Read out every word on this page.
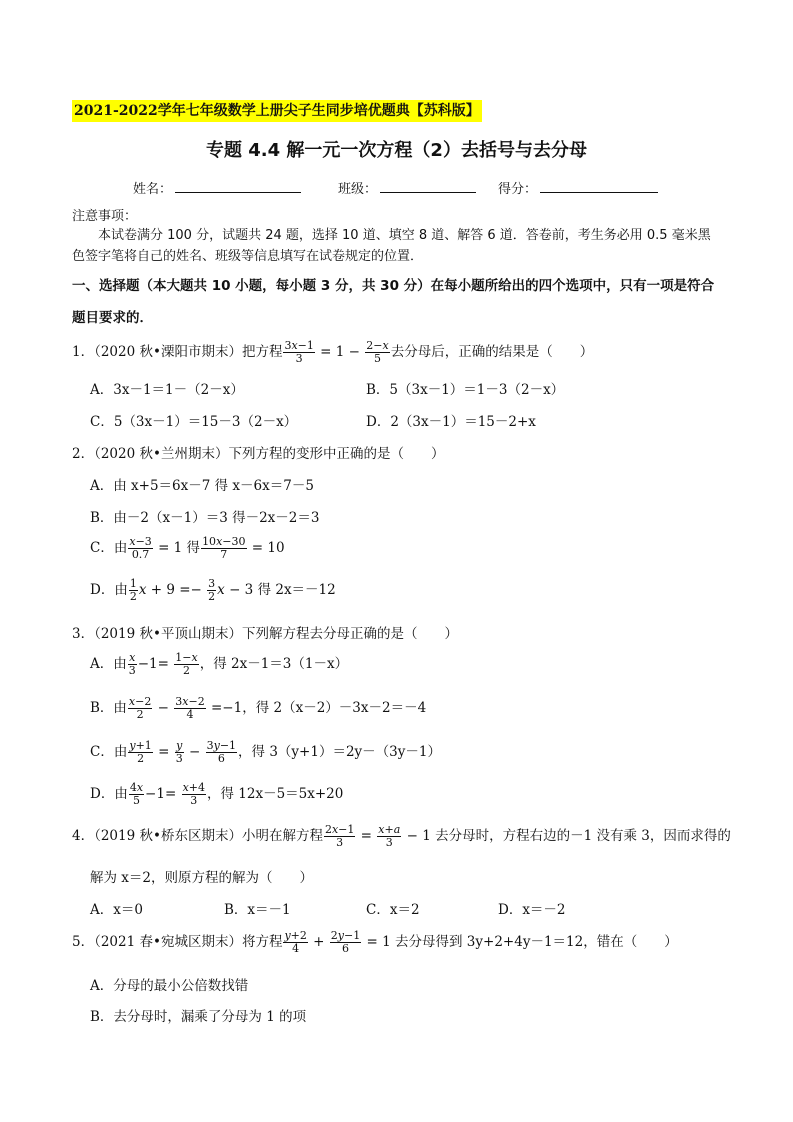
2021-2022学年七年级数学上册尖子生同步培优题典【苏科版】
专题 4.4 解一元一次方程（2）去括号与去分母
姓名：	班级：	得分：
注意事项：
本试卷满分 100 分，试题共 24 题，选择 10 道、填空 8 道、解答 6 道．答卷前，考生务必用 0.5 毫米黑色签字笔将自己的姓名、班级等信息填写在试卷规定的位置．
一、选择题（本大题共 10 小题，每小题 3 分，共 30 分）在每小题所给出的四个选项中，只有一项是符合题目要求的．
1．（2020 秋•溧阳市期末）把方程 $\frac{3x-1}{3} = 1 - \frac{2-x}{5}$ 去分母后，正确的结果是（　　）
A．3x－1＝1－（2－x）	B．5（3x－1）＝1－3（2－x）
C．5（3x－1）＝15－3（2－x）	D．2（3x－1）＝15－2+x
2．（2020 秋•兰州期末）下列方程的变形中正确的是（　　）
A．由 x+5＝6x－7 得 x－6x＝7－5
B．由－2（x－1）＝3 得－2x－2＝3
C．由 $\frac{x-3}{0.7} = 1$ 得 $\frac{10x-30}{7} = 10$
D．由 $\frac{1}{2}$ $x + 9 =- \frac{3}{2}$ x − 3 得 2x＝－12
3．（2019 秋•平顶山期末）下列解方程去分母正确的是（　　）
A．由 $\frac{x}{3} -1= \frac{1-x}{2}$ ，得 2x－1＝3（1－x）
B．由 $\frac{x-2}{2} - \frac{3x-2}{4} =-1$，得 2（x－2）－3x－2＝－4
C．由 $\frac{y+1}{2} = \frac{y}{3} - \frac{3y-1}{6}$ ，得 3（y+1）＝2y－（3y－1）
D．由 $\frac{4x}{5} -1= \frac{x+4}{3}$ ，得 12x－5＝5x+20
4．（2019 秋•桥东区期末）小明在解方程 $\frac{2x-1}{3} = \frac{x+a}{3} - 1$ 去分母时，方程右边的－1 没有乘 3，因而求得的
解为 x＝2，则原方程的解为（　　）
A．x＝0	B．x＝－1	C．x＝2	D．x＝－2
5．（2021 春•宛城区期末）将方程 $\frac{y+2}{4} + \frac{2y-1}{6} = 1$ 去分母得到 3y+2+4y－1＝12，错在（　　）
A．分母的最小公倍数找错
B．去分母时，漏乘了分母为 1 的项
